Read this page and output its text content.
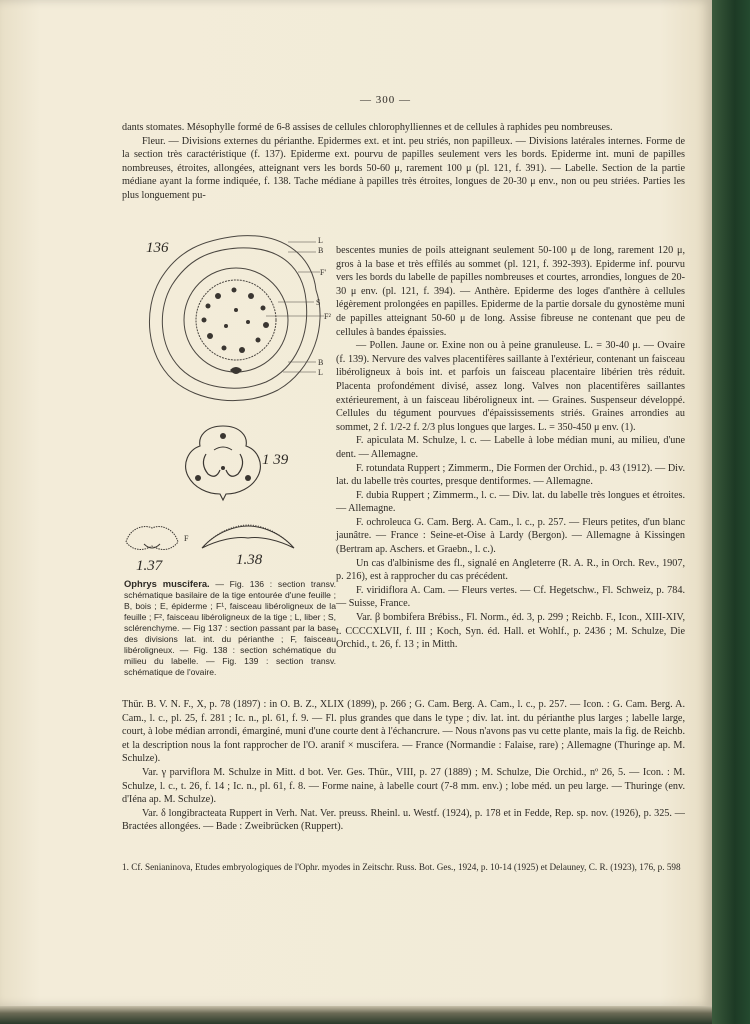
— 300 —

dants stomates. Mésophylle formé de 6-8 assises de cellules chlorophylliennes et de cellules à raphides peu nombreuses.

Fleur. — Divisions externes du périanthe. Epidermes ext. et int. peu striés, non papilleux. — Divisions latérales internes. Forme de la section très caractéristique (f. 137). Epiderme ext. pourvu de papilles seulement vers les bords. Epiderme int. muni de papilles nombreuses, étroites, allongées, atteignant vers les bords 50-60 μ, rarement 100 μ (pl. 121, f. 391). — Labelle. Section de la partie médiane ayant la forme indiquée, f. 138. Tache médiane à papilles très étroites, longues de 20-30 μ env., non ou peu striées. Parties les plus longuement pu-

bescentes munies de poils atteignant seulement 50-100 μ de long, rarement 120 μ, gros à la base et très effilés au sommet (pl. 121, f. 392-393). Epiderme inf. pourvu vers les bords du labelle de papilles nombreuses et courtes, arrondies, longues de 20-30 μ env. (pl. 121, f. 394). — Anthère. Epiderme des loges d'anthère à cellules légèrement prolongées en papilles. Epiderme de la partie dorsale du gynostème muni de papilles atteignant 50-60 μ de long. Assise fibreuse ne contenant que peu de cellules à bandes épaissies.

— Pollen. Jaune or. Exine non ou à peine granuleuse. L. = 30-40 μ. — Ovaire (f. 139). Nervure des valves placentifères saillante à l'extérieur, contenant un faisceau libéroligneux à bois int. et parfois un faisceau placentaire libérien très réduit. Placenta profondément divisé, assez long. Valves non placentifères saillantes extérieurement, à un faisceau libéroligneux int. — Graines. Suspenseur développé. Cellules du tégument pourvues d'épaississements striés. Graines arrondies au sommet, 2 f. 1/2-2 f. 2/3 plus longues que larges. L. = 350-450 μ env. (1).

F. apiculata M. Schulze, l. c. — Labelle à lobe médian muni, au milieu, d'une dent. — Allemagne.

F. rotundata Ruppert ; Zimmerm., Die Formen der Orchid., p. 43 (1912). — Div. lat. du labelle très courtes, presque dentiformes. — Allemagne.

F. dubia Ruppert ; Zimmerm., l. c. — Div. lat. du labelle très longues et étroites. — Allemagne.

F. ochroleuca G. Cam. Berg. A. Cam., l. c., p. 257. — Fleurs petites, d'un blanc jaunâtre. — France : Seine-et-Oise à Lardy (Bergon). — Allemagne à Kissingen (Bertram ap. Aschers. et Graebn., l. c.).

Un cas d'albinisme des fl., signalé en Angleterre (R. A. R., in Orch. Rev., 1907, p. 216), est à rapprocher du cas précédent.

F. viridiflora A. Cam. — Fleurs vertes. — Cf. Hegetschw., Fl. Schweiz, p. 784. — Suisse, France.

Var. β bombifera Brébiss., Fl. Norm., éd. 3, p. 299 ; Reichb. F., Icon., XIII-XIV, t. CCCCXLVII, f. III ; Koch, Syn. éd. Hall. et Wohlf., p. 2436 ; M. Schulze, Die Orchid., t. 26, f. 13 ; in Mitth.

Thür. B. V. N. F., X, p. 78 (1897) : in O. B. Z., XLIX (1899), p. 266 ; G. Cam. Berg. A. Cam., l. c., p. 257. — Icon. : G. Cam. Berg. A. Cam., l. c., pl. 25, f. 281 ; Ic. n., pl. 61, f. 9. — Fl. plus grandes que dans le type ; div. lat. int. du périanthe plus larges ; labelle large, court, à lobe médian arrondi, émarginé, muni d'une courte dent à l'échancrure. — Nous n'avons pas vu cette plante, mais la fig. de Reichb. et la description nous la font rapprocher de l'O. aranif × muscifera. — France (Normandie : Falaise, rare) ; Allemagne (Thuringe ap. M. Schulze).

Var. γ parviflora M. Schulze in Mitt. d bot. Ver. Ges. Thür., VIII, p. 27 (1889) ; M. Schulze, Die Orchid., nº 26, 5. — Icon. : M. Schulze, l. c., t. 26, f. 14 ; Ic. n., pl. 61, f. 8. — Forme naine, à labelle court (7-8 mm. env.) ; lobe méd. un peu large. — Thuringe (env. d'Iéna ap. M. Schulze).

Var. δ longibracteata Ruppert in Verh. Nat. Ver. preuss. Rheinl. u. Westf. (1924), p. 178 et in Fedde, Rep. sp. nov. (1926), p. 325. — Bractées allongées. — Bade : Zweibrücken (Ruppert).

1. Cf. Senianinova, Etudes embryologiques de l'Ophr. myodes in Zeitschr. Russ. Bot. Ges., 1924, p. 10-14 (1925) et Delauney, C. R. (1923), 176, p. 598
Ophrys muscifera. — Fig. 136 : section transv. schématique basilaire de la tige entourée d'une feuille ; B, bois ; E, épiderme ; F¹, faisceau libéroligneux de la feuille ; F², faisceau libéroligneux de la tige ; L, liber ; S, sclérenchyme. — Fig 137 : section passant par la base des divisions lat. int. du périanthe ; F, faisceau libéroligneux. — Fig. 138 : section schématique du milieu du labelle. — Fig. 139 : section transv. schématique de l'ovaire.
136	L
B
F'
S
F²
B
L
1 39
F
1.37	1.38
